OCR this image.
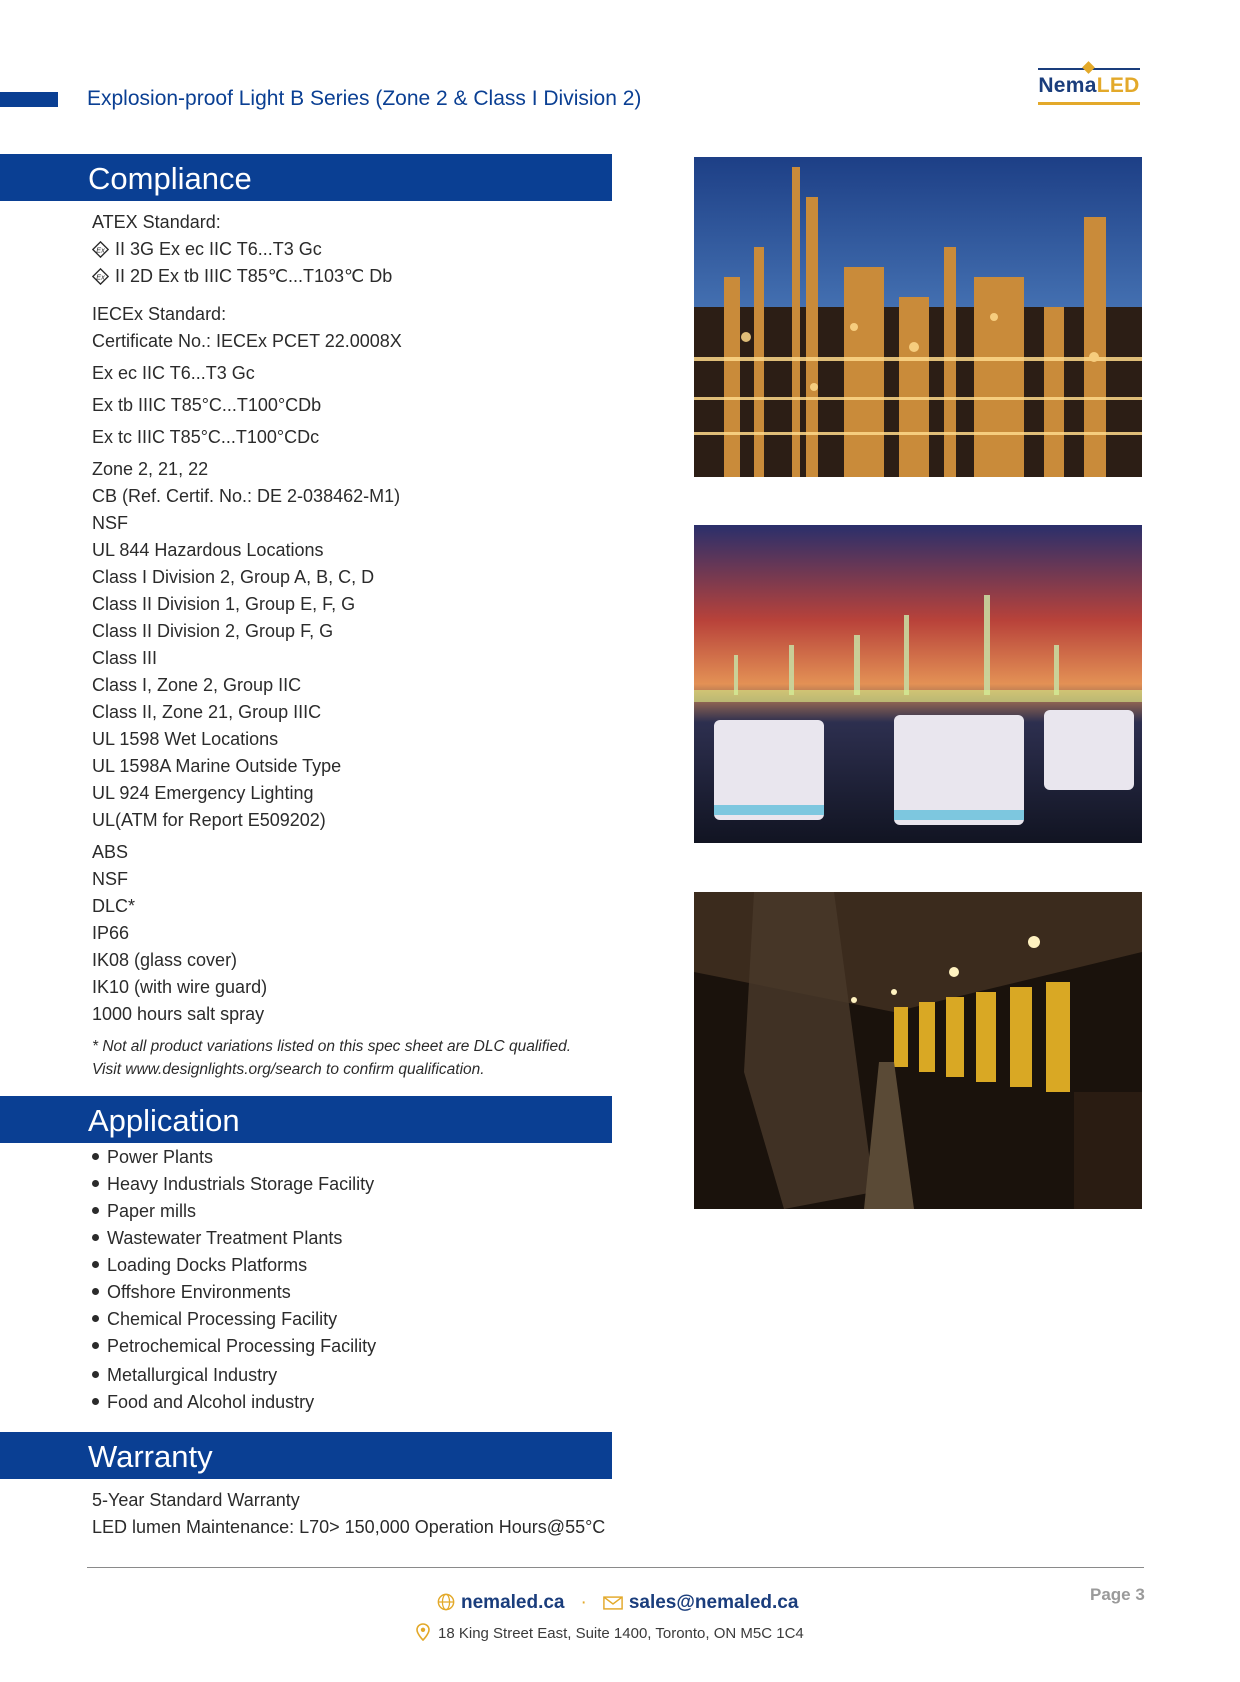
Explosion-proof Light B Series (Zone 2 & Class I Division 2)
NemaLED
Compliance
ATEX Standard:
Ex II 3G Ex ec IIC T6...T3 Gc
Ex II 2D Ex tb IIIC T85℃...T103℃ Db
IECEx Standard:
Certificate No.: IECEx PCET 22.0008X
Ex ec IIC T6...T3 Gc
Ex tb IIIC T85°C...T100°CDb
Ex tc IIIC T85°C...T100°CDc
Zone 2, 21, 22
CB (Ref. Certif. No.: DE 2-038462-M1)
NSF
UL 844 Hazardous Locations
Class I Division 2, Group A, B, C, D
Class II Division 1, Group E, F, G
Class II Division 2, Group F, G
Class III
Class I, Zone 2, Group IIC
Class II, Zone 21, Group IIIC
UL 1598 Wet Locations
UL 1598A Marine Outside Type
UL 924 Emergency Lighting
UL(ATM for Report E509202)
ABS
NSF
DLC*
IP66
IK08 (glass cover)
IK10 (with wire guard)
1000 hours salt spray
* Not all product variations listed on this spec sheet are DLC qualified.
Visit www.designlights.org/search to confirm qualification.
Application
Power Plants
Heavy Industrials Storage Facility
Paper mills
Wastewater Treatment Plants
Loading Docks Platforms
Offshore Environments
Chemical Processing Facility
Petrochemical Processing Facility
Metallurgical Industry
Food and Alcohol industry
Warranty
5-Year Standard Warranty
LED lumen Maintenance: L70> 150,000 Operation Hours@55°C
Page 3
nemaled.ca · sales@nemaled.ca
18 King Street East, Suite 1400, Toronto, ON M5C 1C4
